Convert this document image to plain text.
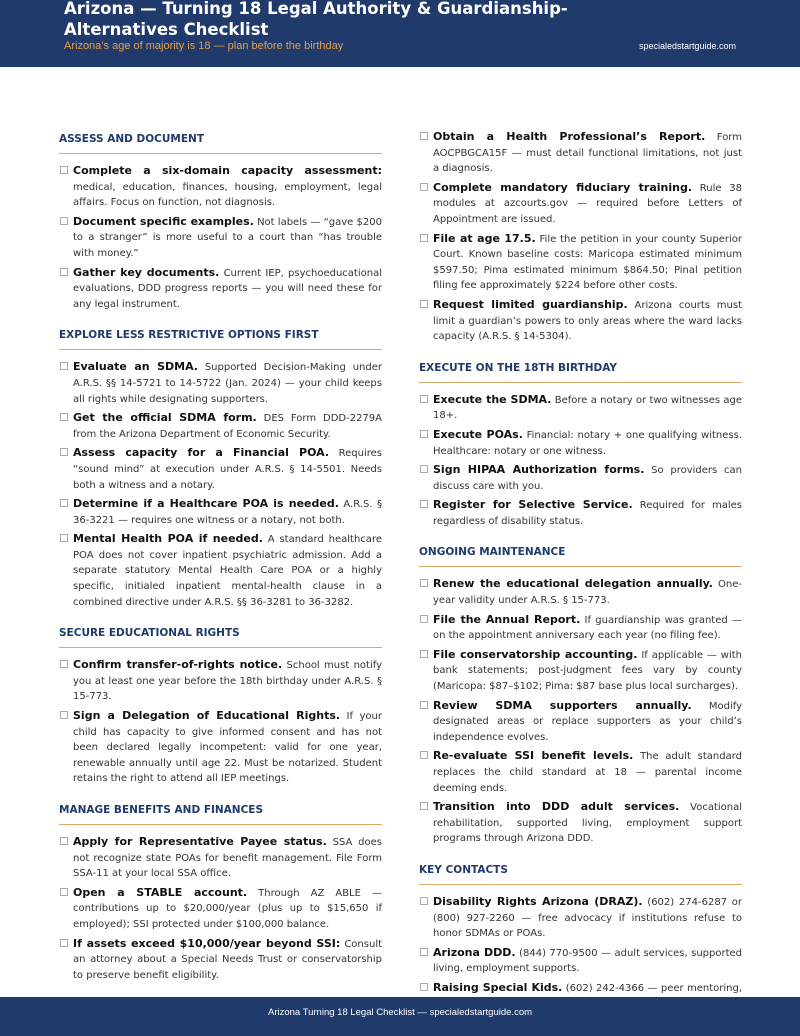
Arizona — Turning 18 Legal Authority & Guardianship-Alternatives Checklist
Arizona’s age of majority is 18 — plan before the birthday	specialedstartguide.com
ASSESS AND DOCUMENT
Complete a six-domain capacity assessment: medical, education, finances, housing, employment, legal affairs. Focus on function, not diagnosis.
Document specific examples. Not labels — “gave $200 to a stranger” is more useful to a court than “has trouble with money.”
Gather key documents. Current IEP, psychoeducational evaluations, DDD progress reports — you will need these for any legal instrument.
EXPLORE LESS RESTRICTIVE OPTIONS FIRST
Evaluate an SDMA. Supported Decision-Making under A.R.S. §§ 14-5721 to 14-5722 (Jan. 2024) — your child keeps all rights while designating supporters.
Get the official SDMA form. DES Form DDD-2279A from the Arizona Department of Economic Security.
Assess capacity for a Financial POA. Requires “sound mind” at execution under A.R.S. § 14-5501. Needs both a witness and a notary.
Determine if a Healthcare POA is needed. A.R.S. § 36-3221 — requires one witness or a notary, not both.
Mental Health POA if needed. A standard healthcare POA does not cover inpatient psychiatric admission. Add a separate statutory Mental Health Care POA or a highly specific, initialed inpatient mental-health clause in a combined directive under A.R.S. §§ 36-3281 to 36-3282.
SECURE EDUCATIONAL RIGHTS
Confirm transfer-of-rights notice. School must notify you at least one year before the 18th birthday under A.R.S. § 15-773.
Sign a Delegation of Educational Rights. If your child has capacity to give informed consent and has not been declared legally incompetent: valid for one year, renewable annually until age 22. Must be notarized. Student retains the right to attend all IEP meetings.
MANAGE BENEFITS AND FINANCES
Apply for Representative Payee status. SSA does not recognize state POAs for benefit management. File Form SSA-11 at your local SSA office.
Open a STABLE account. Through AZ ABLE — contributions up to $20,000/year (plus up to $15,650 if employed); SSI protected under $100,000 balance.
If assets exceed $10,000/year beyond SSI: Consult an attorney about a Special Needs Trust or conservatorship to preserve benefit eligibility.
Obtain a Health Professional’s Report. Form AOCPBGCA15F — must detail functional limitations, not just a diagnosis.
Complete mandatory fiduciary training. Rule 38 modules at azcourts.gov — required before Letters of Appointment are issued.
File at age 17.5. File the petition in your county Superior Court. Known baseline costs: Maricopa estimated minimum $597.50; Pima estimated minimum $864.50; Pinal petition filing fee approximately $224 before other costs.
Request limited guardianship. Arizona courts must limit a guardian’s powers to only areas where the ward lacks capacity (A.R.S. § 14-5304).
EXECUTE ON THE 18TH BIRTHDAY
Execute the SDMA. Before a notary or two witnesses age 18+.
Execute POAs. Financial: notary + one qualifying witness. Healthcare: notary or one witness.
Sign HIPAA Authorization forms. So providers can discuss care with you.
Register for Selective Service. Required for males regardless of disability status.
ONGOING MAINTENANCE
Renew the educational delegation annually. One-year validity under A.R.S. § 15-773.
File the Annual Report. If guardianship was granted — on the appointment anniversary each year (no filing fee).
File conservatorship accounting. If applicable — with bank statements; post-judgment fees vary by county (Maricopa: $87–$102; Pima: $87 base plus local surcharges).
Review SDMA supporters annually. Modify designated areas or replace supporters as your child’s independence evolves.
Re-evaluate SSI benefit levels. The adult standard replaces the child standard at 18 — parental income deeming ends.
Transition into DDD adult services. Vocational rehabilitation, supported living, employment support programs through Arizona DDD.
KEY CONTACTS
Disability Rights Arizona (DRAZ). (602) 274-6287 or (800) 927-2260 — free advocacy if institutions refuse to honor SDMAs or POAs.
Arizona DDD. (844) 770-9500 — adult services, supported living, employment supports.
Raising Special Kids. (602) 242-4366 — peer mentoring,
Arizona Turning 18 Legal Checklist — specialedstartguide.com
